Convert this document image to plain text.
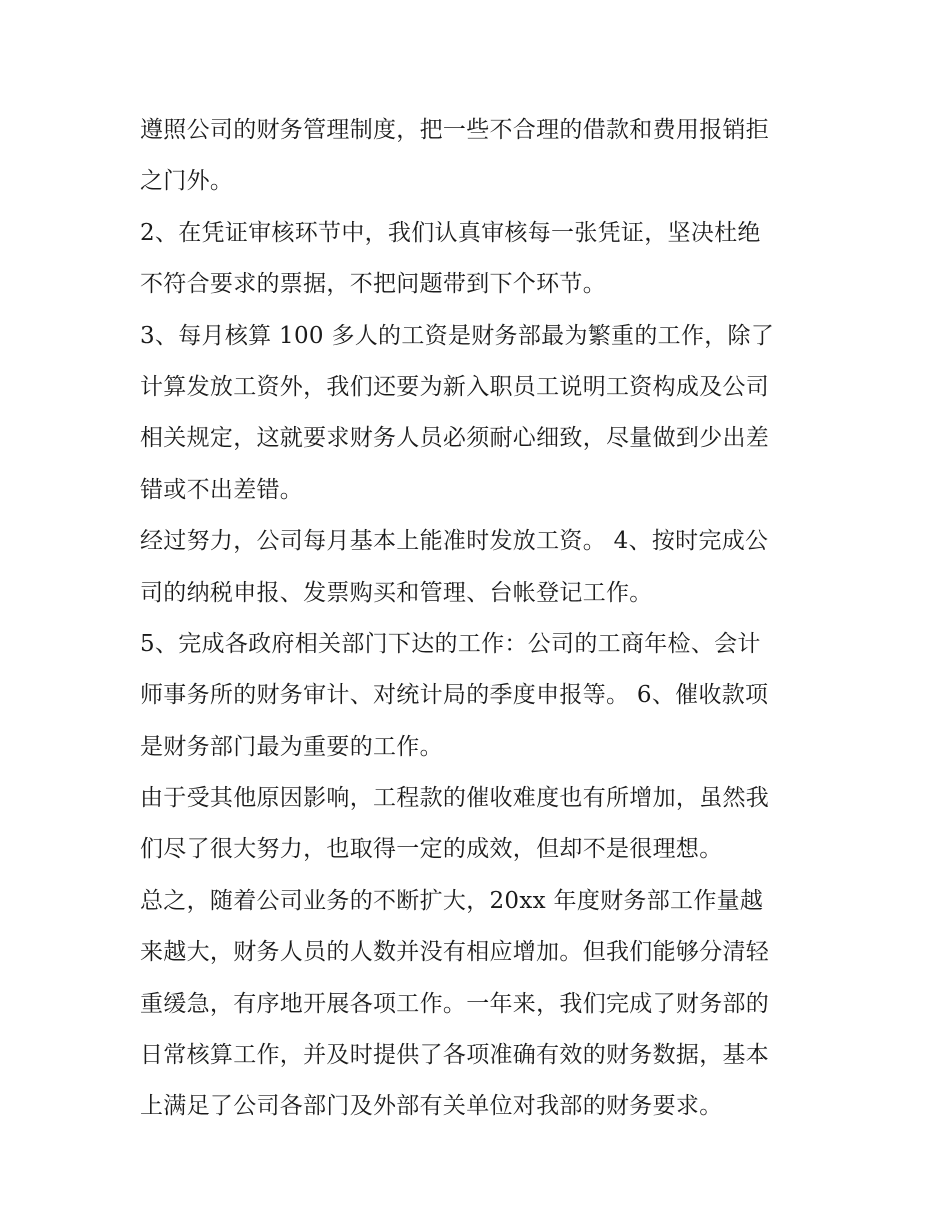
遵照公司的财务管理制度，把一些不合理的借款和费用报销拒
之门外。
2、在凭证审核环节中，我们认真审核每一张凭证，坚决杜绝
不符合要求的票据，不把问题带到下个环节。
3、每月核算 100 多人的工资是财务部最为繁重的工作，除了
计算发放工资外，我们还要为新入职员工说明工资构成及公司
相关规定，这就要求财务人员必须耐心细致，尽量做到少出差
错或不出差错。
经过努力，公司每月基本上能准时发放工资。 4、按时完成公
司的纳税申报、发票购买和管理、台帐登记工作。
5、完成各政府相关部门下达的工作：公司的工商年检、会计
师事务所的财务审计、对统计局的季度申报等。 6、催收款项
是财务部门最为重要的工作。
由于受其他原因影响，工程款的催收难度也有所增加，虽然我
们尽了很大努力，也取得一定的成效，但却不是很理想。
总之，随着公司业务的不断扩大，20xx 年度财务部工作量越
来越大，财务人员的人数并没有相应增加。但我们能够分清轻
重缓急，有序地开展各项工作。一年来，我们完成了财务部的
日常核算工作，并及时提供了各项准确有效的财务数据，基本
上满足了公司各部门及外部有关单位对我部的财务要求。
